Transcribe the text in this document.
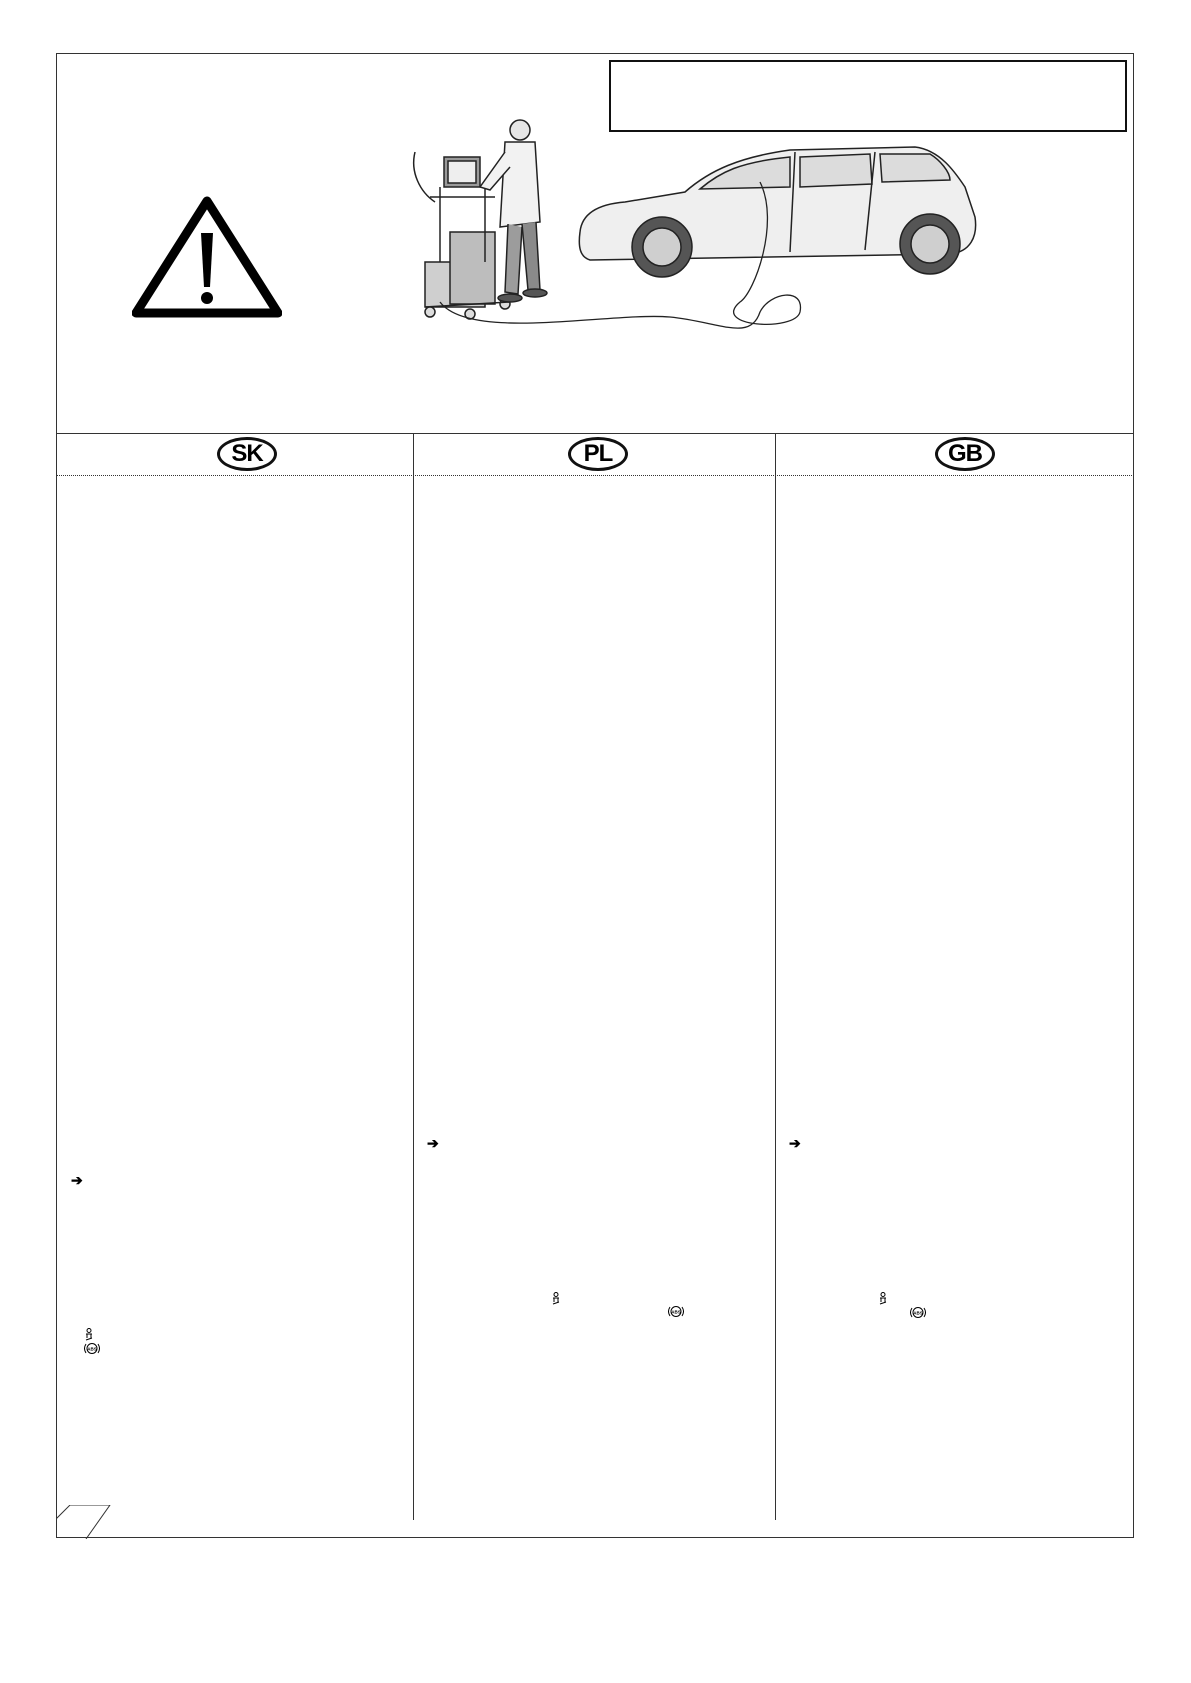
SK	PL	GB
➔
➔	➔
ABS
ABS	ABS
